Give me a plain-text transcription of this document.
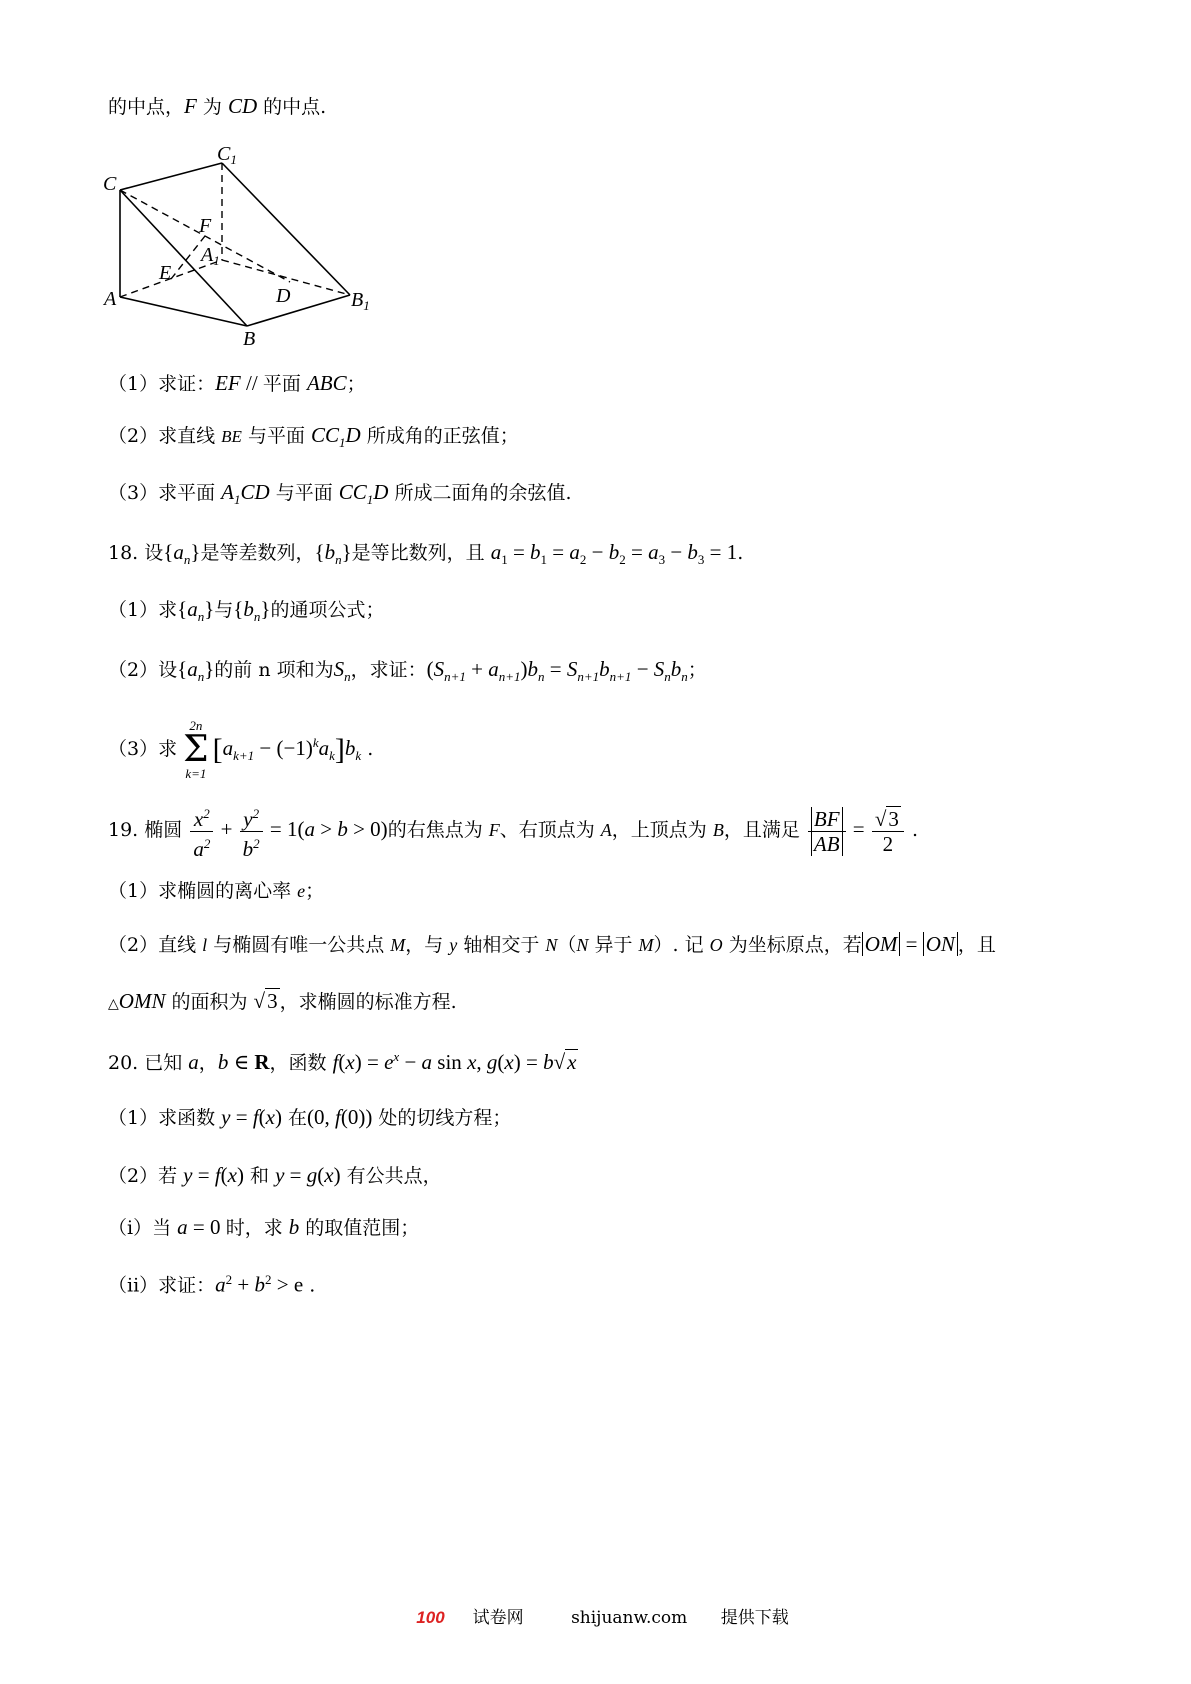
的中点，F 为 CD 的中点.
C
$C_1$
F
$A_1$
E
A	D	$B_1$
B
（1）求证：EF // 平面 ABC；
（2）求直线 BE 与平面 $CC_1D$ 所成角的正弦值；
（3）求平面 $A_1CD$ 与平面 $CC_1D$ 所成二面角的余弦值.
18. 设$\{a_n\}$是等差数列，$\{b_n\}$是等比数列，且 $a_1 = b_1 = a_2 - b_2 = a_3 - b_3 = 1$.
（1）求$\{a_n\}$与$\{b_n\}$的通项公式；
（2）设$\{a_n\}$的前 n 项和为$S_n$，求证：$(S_{n+1} + a_{n+1})b_n = S_{n+1}b_{n+1} - S_nb_n$；
（3）求
2n
Σ
k=1
$[a_{k+1} - (-1)^ka_k]b_k$ .
19. 椭圆 $\frac{x^2}{a^2} + \frac{y^2}{b^2} = 1(a > b > 0)$的右焦点为 F、右顶点为 A，上顶点为 B，且满足 $\frac{BF}{AB} = \frac{√3}{2}$ .
（1）求椭圆的离心率 e；
（2）直线 l 与椭圆有唯一公共点 M，与 y 轴相交于 N（N 异于 M）. 记 O 为坐标原点，若 OM = ON ，且
△OMN 的面积为 √3 ，求椭圆的标准方程.
20. 已知 a，b ∈ R，函数 $f(x) = e^x - a$ sin x, g(x) = b√x
（1）求函数 y = f(x) 在(0, f(0)) 处的切线方程；
（2）若 y = f(x) 和 y = g(x) 有公共点，
（i）当 a = 0 时，求 b 的取值范围；
（ii）求证：$a^2 + b^2 > e$ .
100 试卷网	shijuanw.com 提供下载
